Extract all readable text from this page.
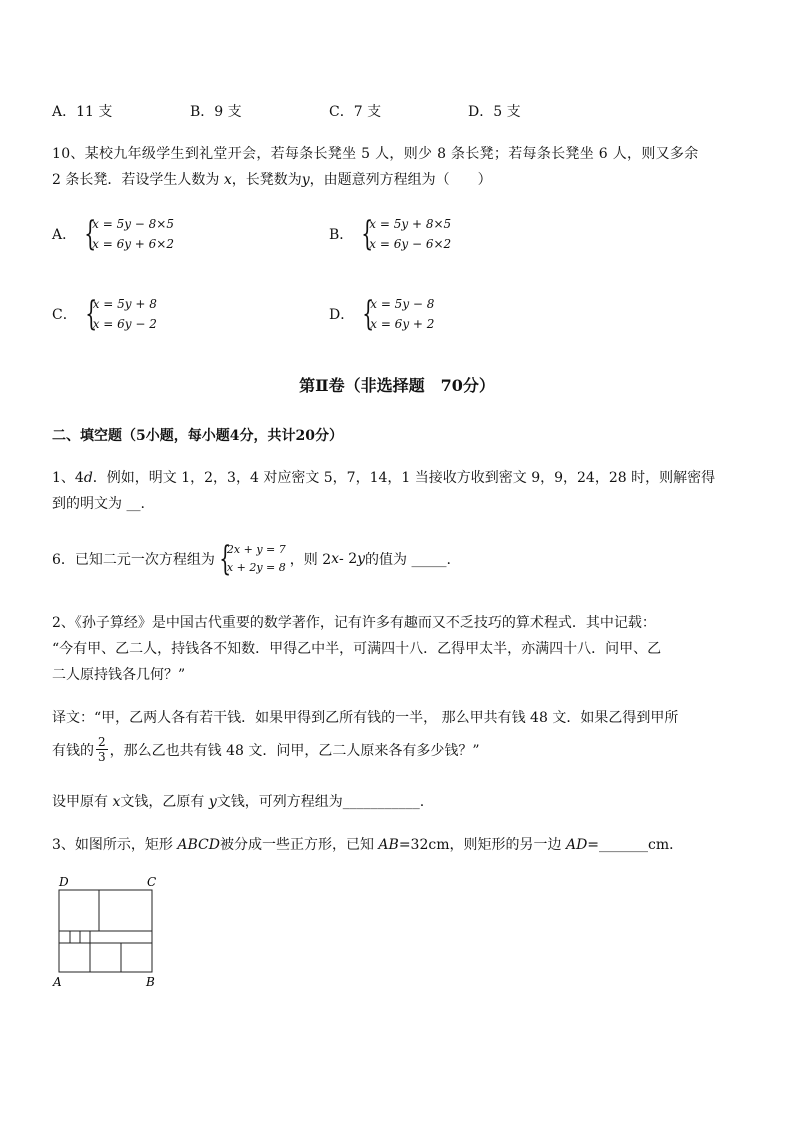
A．11 支	B．9 支	C．7 支	D．5 支
10、某校九年级学生到礼堂开会，若每条长凳坐 5 人，则少 8 条长凳；若每条长凳坐 6 人，则又多余
2 条长凳．若设学生人数为 x，长凳数为y，由题意列方程组为（　　）
A． {
x = 5y − 8×5
x = 6y + 6×2
B． {
x = 5y + 8×5
x = 6y − 6×2
C． {
x = 5y + 8
x = 6y − 2
D． {
x = 5y − 8
x = 6y + 2
第Ⅱ卷（非选择题　70分）
二、填空题（5小题，每小题4分，共计20分）
1、4d．例如，明文 1，2，3，4 对应密文 5，7，14，1 当接收方收到密文 9，9，24，28 时，则解密得
到的明文为 __.
6．已知二元一次方程组为 {
2x + y = 7
x + 2y = 8 ，则 2 x - 2 y 的值为 _____.
2、《孙子算经》是中国古代重要的数学著作，记有许多有趣而又不乏技巧的算术程式．其中记载：
“今有甲、乙二人，持钱各不知数．甲得乙中半，可满四十八．乙得甲太半，亦满四十八．问甲、乙
二人原持钱各几何？”
译文：“甲，乙两人各有若干钱．如果甲得到乙所有钱的一半， 那么甲共有钱 48 文．如果乙得到甲所
有钱的 $\frac{2}{3}$ ，那么乙也共有钱 48 文．问甲，乙二人原来各有多少钱？”
设甲原有 x文钱，乙原有 y文钱，可列方程组为___________.
3、如图所示，矩形 ABCD被分成一些正方形，已知 AB=32cm，则矩形的另一边 AD=_______cm．
D	C
A	B
